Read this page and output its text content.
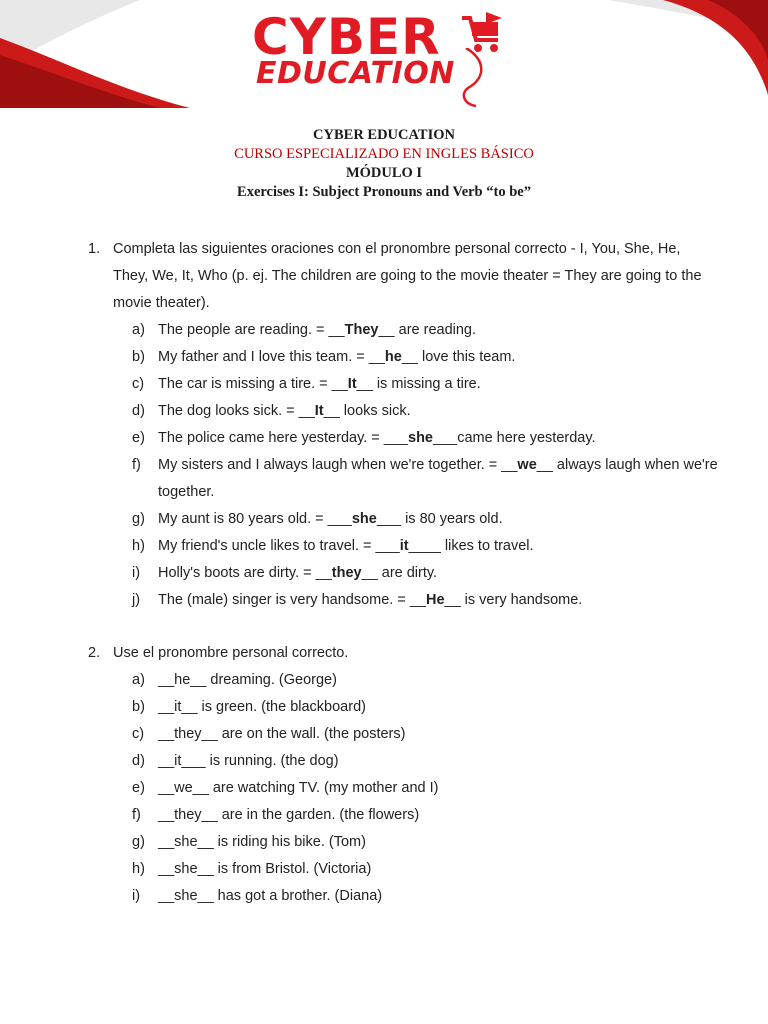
CYBER
EDUCATION
CYBER EDUCATION
CURSO ESPECIALIZADO EN INGLES BÁSICO
MÓDULO I
Exercises I: Subject Pronouns and Verb “to be”
1. Completa las siguientes oraciones con el pronombre personal correcto - I, You, She, He, They, We, It, Who (p. ej. The children are going to the movie theater = They are going to the movie theater).
a) The people are reading. = __They__ are reading.
b) My father and I love this team. = __he__ love this team.
c) The car is missing a tire. = __It__ is missing a tire.
d) The dog looks sick. = __It__ looks sick.
e) The police came here yesterday. = ___she___came here yesterday.
f) My sisters and I always laugh when we're together. = __we__ always laugh when we're together.
g) My aunt is 80 years old. = ___she___ is 80 years old.
h) My friend's uncle likes to travel. = ___it____ likes to travel.
i) Holly's boots are dirty. = __they__ are dirty.
j) The (male) singer is very handsome. = __He__ is very handsome.
2. Use el pronombre personal correcto.
a) __he__ dreaming. (George)
b) __it__ is green. (the blackboard)
c) __they__ are on the wall. (the posters)
d) __it___ is running. (the dog)
e) __we__ are watching TV. (my mother and I)
f) __they__ are in the garden. (the flowers)
g) __she__ is riding his bike. (Tom)
h) __she__ is from Bristol. (Victoria)
i) __she__ has got a brother. (Diana)
